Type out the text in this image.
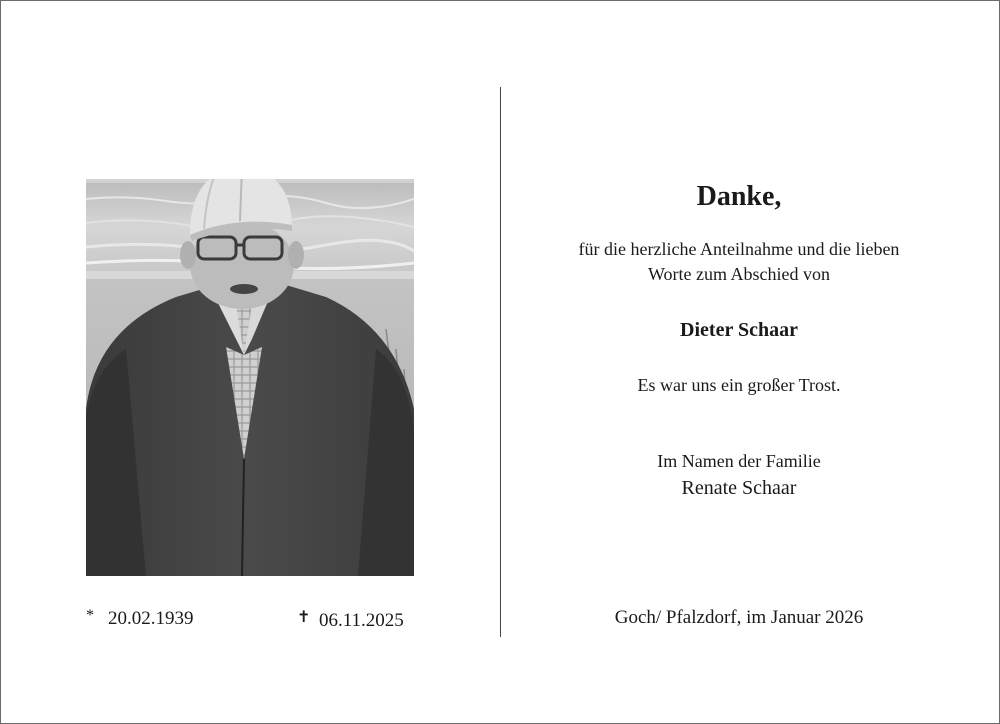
* 20.02.1939	✝ 06.11.2025
Danke,
für die herzliche Anteilnahme und die lieben
Worte zum Abschied von
Dieter Schaar
Es war uns ein großer Trost.
Im Namen der Familie
Renate Schaar
Goch/ Pfalzdorf, im Januar 2026
